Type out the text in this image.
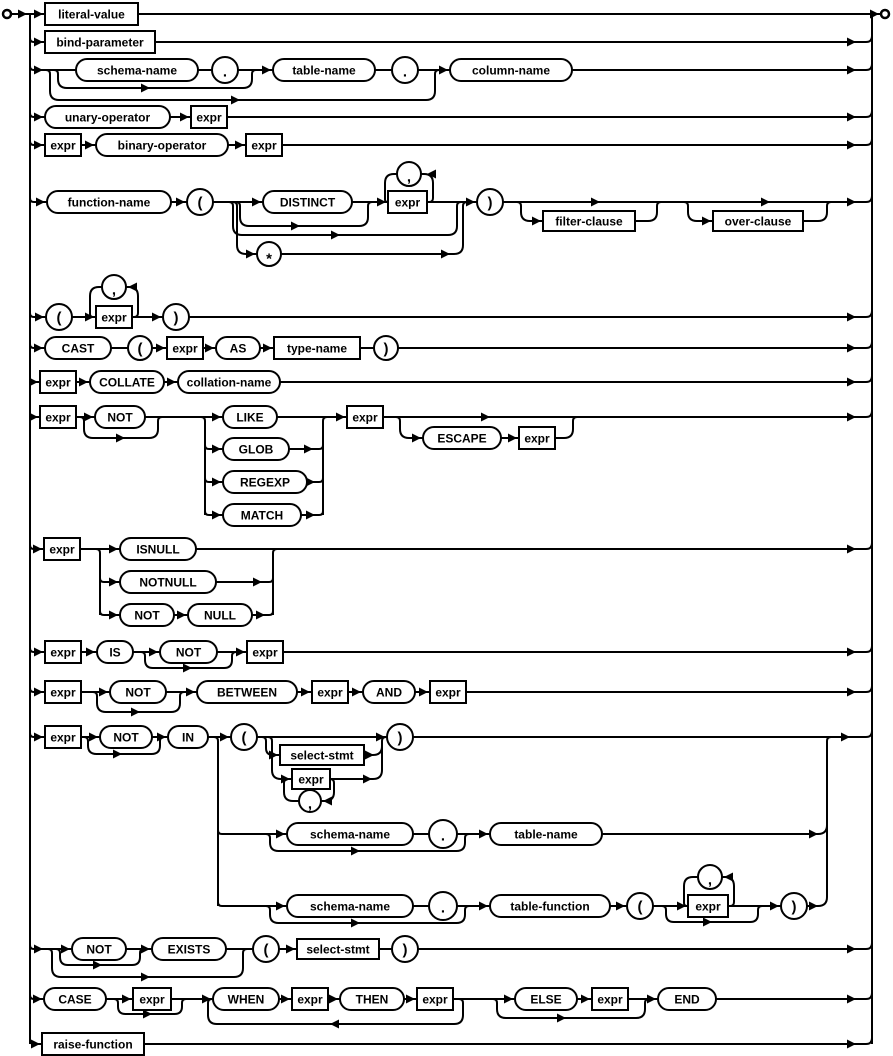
literal-value
bind-parameter
schema-name	.	table-name	.	column-name
unary-operator	expr
expr	binary-operator	expr
function-name	(	DISTINCT	expr
,
*
)
filter-clause	over-clause
(	expr
,
)
CAST	( expr	AS	type-name )
expr COLLATE	collation-name
expr	NOT	LIKE
GLOB
REGEXP
MATCH
expr
ESCAPE	expr
expr	ISNULL
NOTNULL
NOT	NULL
expr	IS	NOT	expr
expr	NOT	BETWEEN	expr	AND	expr
expr	NOT	IN	(	)
select-stmt
expr
,
schema-name	.	table-name
schema-name	.	table-function	(	expr
,
)
NOT	EXISTS	(	select-stmt )
CASE	expr	WHEN	expr	THEN	expr	ELSE	expr	END
raise-function
